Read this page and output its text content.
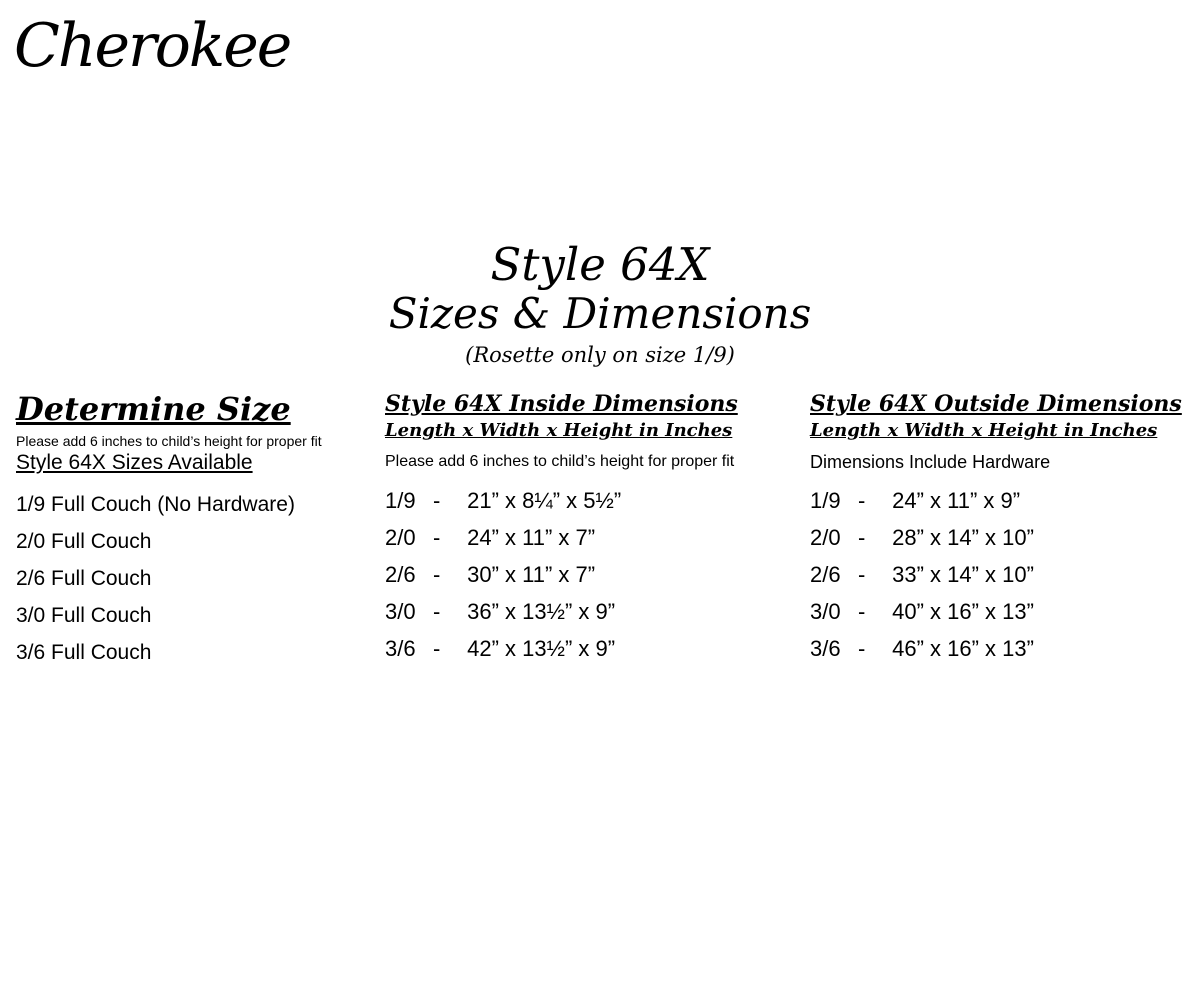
Cherokee
Style 64X
Sizes & Dimensions
(Rosette only on size 1/9)
Determine Size
Please add 6 inches to child’s height for proper fit
Style 64X Sizes Available
1/9 Full Couch (No Hardware)
2/0 Full Couch
2/6 Full Couch
3/0 Full Couch
3/6 Full Couch
Style 64X Inside Dimensions
Length x Width x Height in Inches
Please add 6 inches to child’s height for proper fit
1/9 - 21” x 8¼” x 5½”
2/0 - 24” x 11” x 7”
2/6 - 30” x 11” x 7”
3/0 - 36” x 13½” x 9”
3/6 - 42” x 13½” x 9”
Style 64X Outside Dimensions
Length x Width x Height in Inches
Dimensions Include Hardware
1/9 - 24” x 11” x 9”
2/0 - 28” x 14” x 10”
2/6 - 33” x 14” x 10”
3/0 - 40” x 16” x 13”
3/6 - 46” x 16” x 13”
